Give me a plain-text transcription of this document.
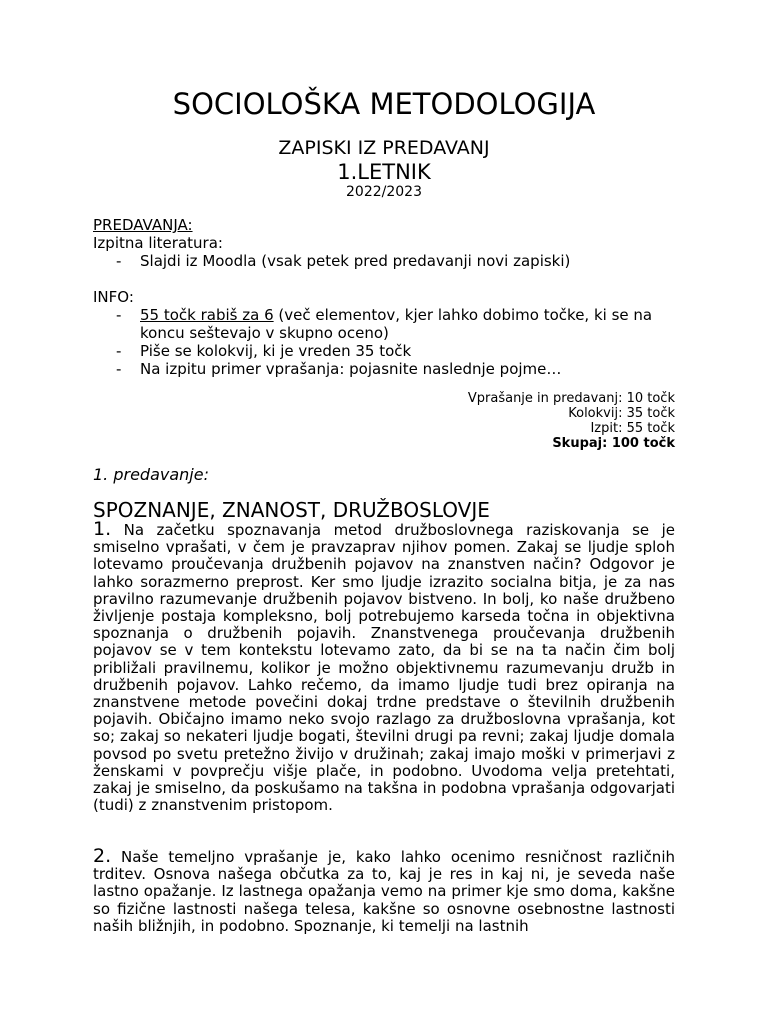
SOCIOLOŠKA METODOLOGIJA
ZAPISKI IZ PREDAVANJ
1.LETNIK
2022/2023
PREDAVANJA:
Izpitna literatura:
- Slajdi iz Moodla (vsak petek pred predavanji novi zapiski)
INFO:
- 55 točk rabiš za 6 (več elementov, kjer lahko dobimo točke, ki se na koncu seštevajo v skupno oceno)
- Piše se kolokvij, ki je vreden 35 točk
- Na izpitu primer vprašanja: pojasnite naslednje pojme…
Vprašanje in predavanj: 10 točk
Kolokvij: 35 točk
Izpit: 55 točk
Skupaj: 100 točk
1. predavanje:
SPOZNANJE, ZNANOST, DRUŽBOSLOVJE
1. Na začetku spoznavanja metod družboslovnega raziskovanja se je smiselno vprašati, v čem je pravzaprav njihov pomen. Zakaj se ljudje sploh lotevamo proučevanja družbenih pojavov na znanstven način? Odgovor je lahko sorazmerno preprost. Ker smo ljudje izrazito socialna bitja, je za nas pravilno razumevanje družbenih pojavov bistveno. In bolj, ko naše družbeno življenje postaja kompleksno, bolj potrebujemo karseda točna in objektivna spoznanja o družbenih pojavih. Znanstvenega proučevanja družbenih pojavov se v tem kontekstu lotevamo zato, da bi se na ta način čim bolj približali pravilnemu, kolikor je možno objektivnemu razumevanju družb in družbenih pojavov. Lahko rečemo, da imamo ljudje tudi brez opiranja na znanstvene metode povečini dokaj trdne predstave o številnih družbenih pojavih. Običajno imamo neko svojo razlago za družboslovna vprašanja, kot so; zakaj so nekateri ljudje bogati, številni drugi pa revni; zakaj ljudje domala povsod po svetu pretežno živijo v družinah; zakaj imajo moški v primerjavi z ženskami v povprečju višje plače, in podobno. Uvodoma velja pretehtati, zakaj je smiselno, da poskušamo na takšna in podobna vprašanja odgovarjati (tudi) z znanstvenim pristopom.
2. Naše temeljno vprašanje je, kako lahko ocenimo resničnost različnih trditev. Osnova našega občutka za to, kaj je res in kaj ni, je seveda naše lastno opažanje. Iz lastnega opažanja vemo na primer kje smo doma, kakšne so fizične lastnosti našega telesa, kakšne so osnovne osebnostne lastnosti naših bližnjih, in podobno. Spoznanje, ki temelji na lastnih
